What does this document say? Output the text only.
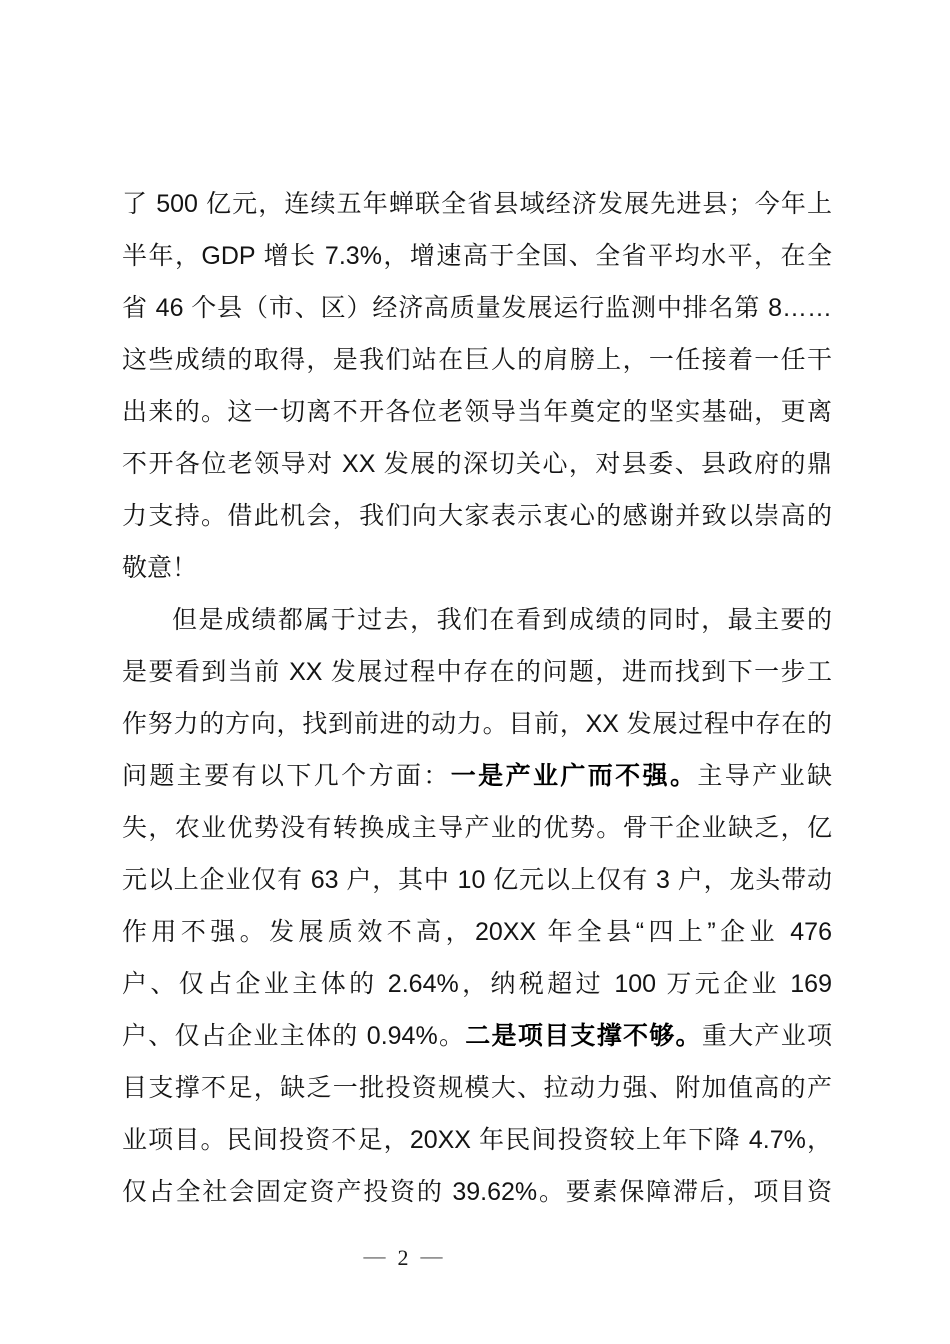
了 500 亿元，连续五年蝉联全省县域经济发展先进县；今年上
半年，GDP 增长 7.3%，增速高于全国、全省平均水平，在全
省 46 个县（市、区）经济高质量发展运行监测中排名第 8……
这些成绩的取得，是我们站在巨人的肩膀上，一任接着一任干
出来的。这一切离不开各位老领导当年奠定的坚实基础，更离
不开各位老领导对 XX 发展的深切关心，对县委、县政府的鼎
力支持。借此机会，我们向大家表示衷心的感谢并致以崇高的
敬意！
但是成绩都属于过去，我们在看到成绩的同时，最主要的
是要看到当前 XX 发展过程中存在的问题，进而找到下一步工
作努力的方向，找到前进的动力。目前，XX 发展过程中存在的
问题主要有以下几个方面：一是产业广而不强。主导产业缺
失，农业优势没有转换成主导产业的优势。骨干企业缺乏，亿
元以上企业仅有 63 户，其中 10 亿元以上仅有 3 户，龙头带动
作用不强。发展质效不高，20XX 年全县“四上”企业 476
户、仅占企业主体的 2.64%，纳税超过 100 万元企业 169
户、仅占企业主体的 0.94%。二是项目支撑不够。重大产业项
目支撑不足，缺乏一批投资规模大、拉动力强、附加值高的产
业项目。民间投资不足，20XX 年民间投资较上年下降 4.7%，
仅占全社会固定资产投资的 39.62%。要素保障滞后，项目资
— 2 —
